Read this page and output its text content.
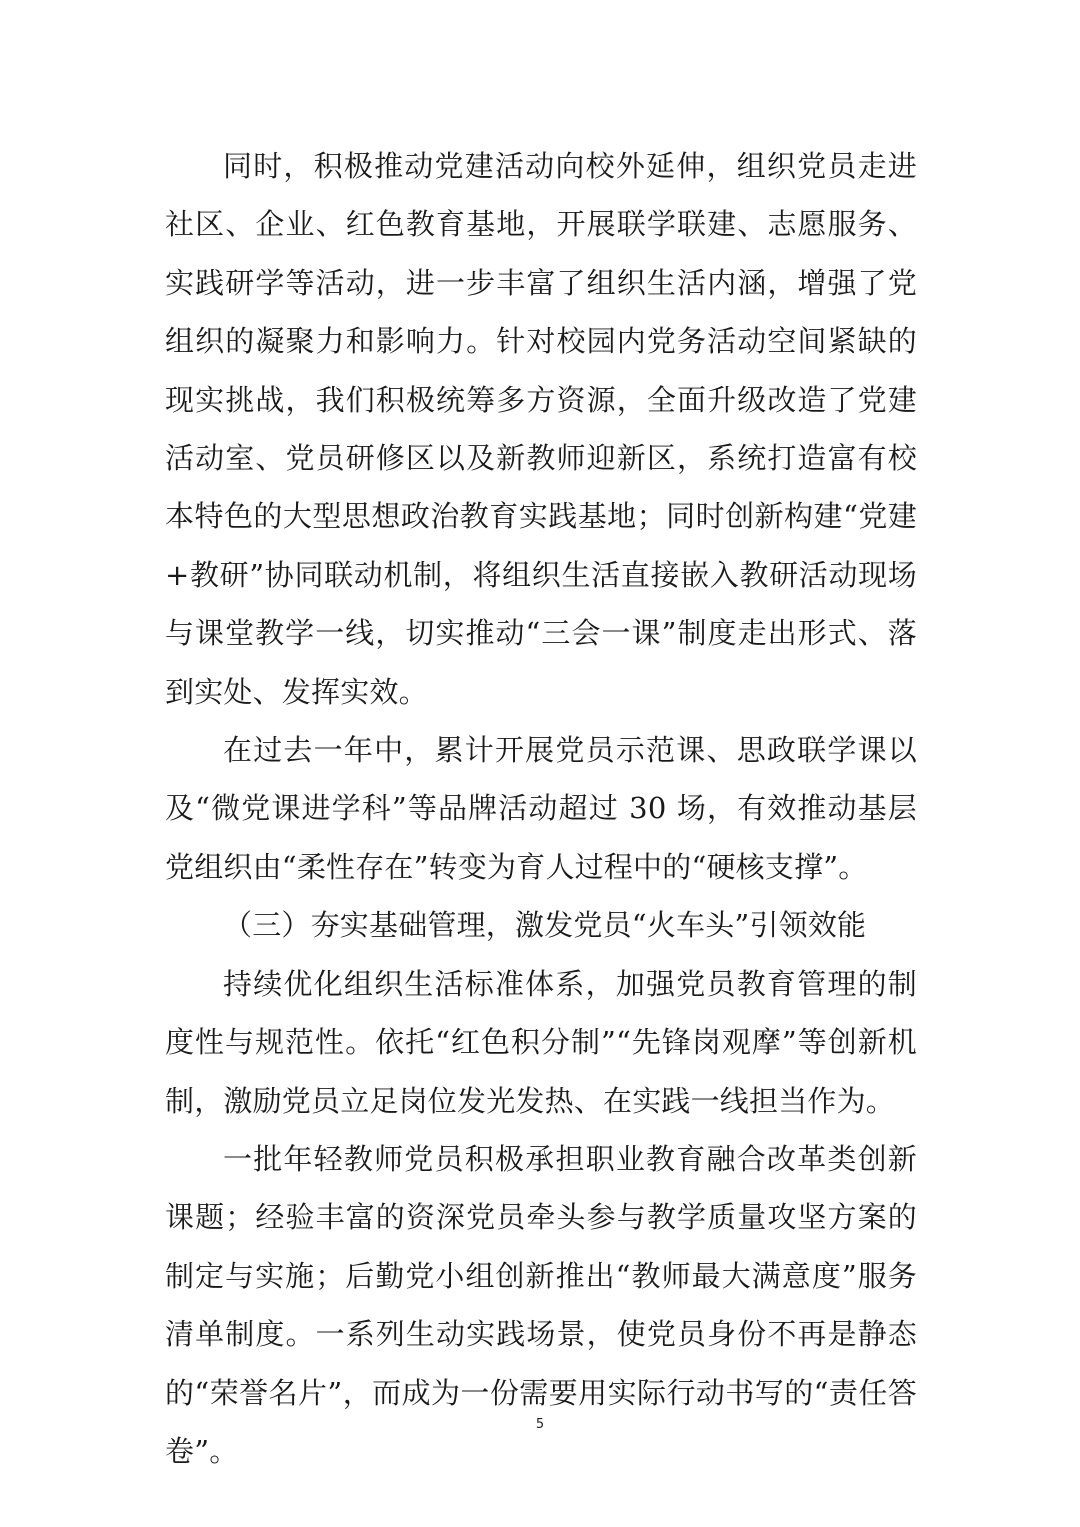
同时，积极推动党建活动向校外延伸，组织党员走进社区、企业、红色教育基地，开展联学联建、志愿服务、实践研学等活动，进一步丰富了组织生活内涵，增强了党组织的凝聚力和影响力。针对校园内党务活动空间紧缺的现实挑战，我们积极统筹多方资源，全面升级改造了党建活动室、党员研修区以及新教师迎新区，系统打造富有校本特色的大型思想政治教育实践基地；同时创新构建“党建+教研”协同联动机制，将组织生活直接嵌入教研活动现场与课堂教学一线，切实推动“三会一课”制度走出形式、落到实处、发挥实效。

在过去一年中，累计开展党员示范课、思政联学课以及“微党课进学科”等品牌活动超过 30 场，有效推动基层党组织由“柔性存在”转变为育人过程中的“硬核支撑”。

（三）夯实基础管理，激发党员“火车头”引领效能

持续优化组织生活标准体系，加强党员教育管理的制度性与规范性。依托“红色积分制”“先锋岗观摩”等创新机制，激励党员立足岗位发光发热、在实践一线担当作为。

一批年轻教师党员积极承担职业教育融合改革类创新课题；经验丰富的资深党员牵头参与教学质量攻坚方案的制定与实施；后勤党小组创新推出“教师最大满意度”服务清单制度。一系列生动实践场景，使党员身份不再是静态的“荣誉名片”，而成为一份需要用实际行动书写的“责任答卷”。

5
